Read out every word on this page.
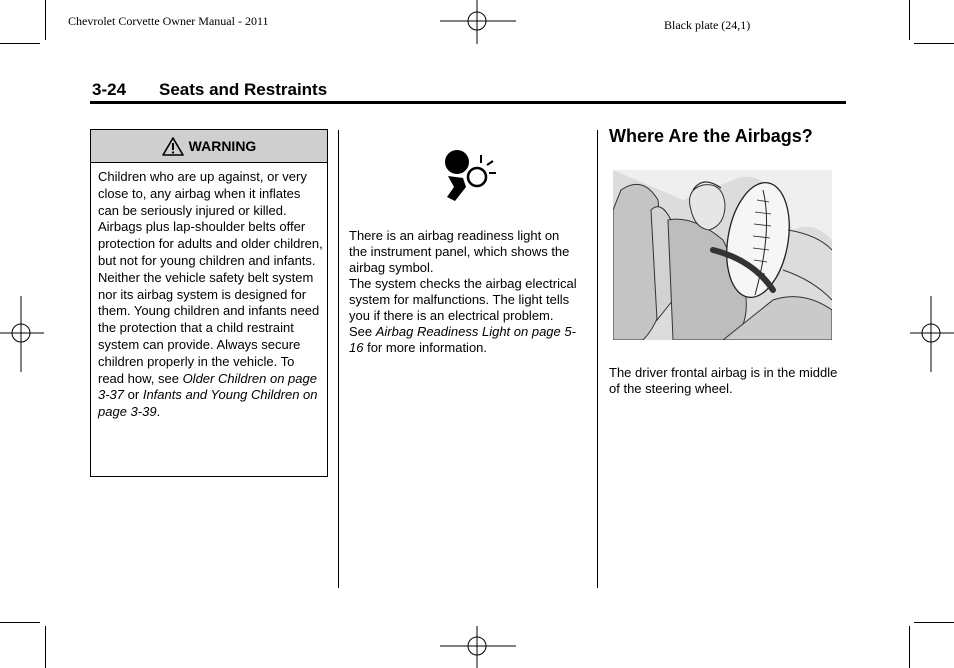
Chevrolet Corvette Owner Manual - 2011	Black plate (24,1)
3-24 Seats and Restraints
WARNING
Children who are up against, or very close to, any airbag when it inflates can be seriously injured or killed. Airbags plus lap-shoulder belts offer protection for adults and older children, but not for young children and infants. Neither the vehicle safety belt system nor its airbag system is designed for them. Young children and infants need the protection that a child restraint system can provide. Always secure children properly in the vehicle. To read how, see Older Children on page 3-37 or Infants and Young Children on page 3-39.

There is an airbag readiness light on the instrument panel, which shows the airbag symbol.

The system checks the airbag electrical system for malfunctions. The light tells you if there is an electrical problem. See Airbag Readiness Light on page 5-16 for more information.

Where Are the Airbags?
The driver frontal airbag is in the middle of the steering wheel.
